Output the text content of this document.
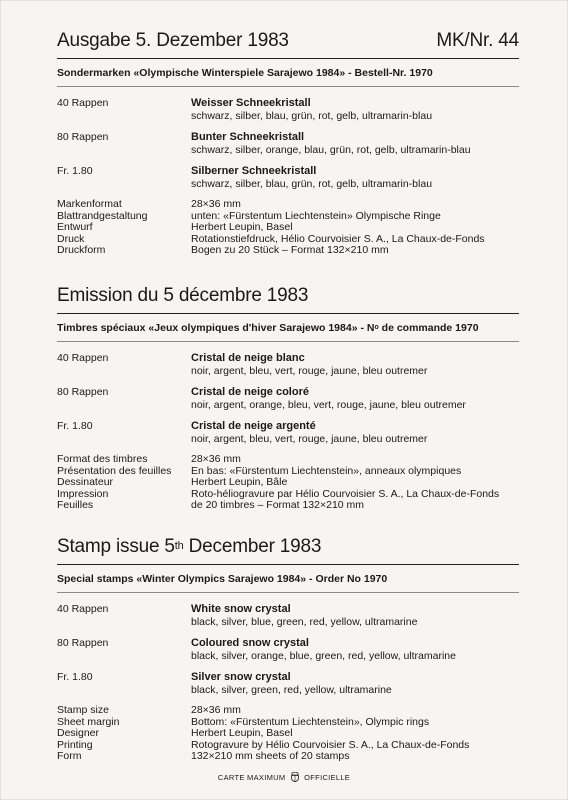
Ausgabe 5. Dezember 1983	MK/Nr. 44
Sondermarken «Olympische Winterspiele Sarajewo 1984» - Bestell-Nr. 1970
40 Rappen	Weisser Schneekristall
schwarz, silber, blau, grün, rot, gelb, ultramarin-blau
80 Rappen	Bunter Schneekristall
schwarz, silber, orange, blau, grün, rot, gelb, ultramarin-blau
Fr. 1.80	Silberner Schneekristall
schwarz, silber, blau, grün, rot, gelb, ultramarin-blau
Markenformat	28×36 mm
Blattrandgestaltung	unten: «Fürstentum Liechtenstein» Olympische Ringe
Entwurf	Herbert Leupin, Basel
Druck	Rotationstiefdruck, Hélio Courvoisier S. A., La Chaux-de-Fonds
Druckform	Bogen zu 20 Stück – Format 132×210 mm
Emission du 5 décembre 1983
Timbres spéciaux «Jeux olympiques d'hiver Sarajewo 1984» - $N^o$ de commande 1970
40 Rappen	Cristal de neige blanc
noir, argent, bleu, vert, rouge, jaune, bleu outremer
80 Rappen	Cristal de neige coloré
noir, argent, orange, bleu, vert, rouge, jaune, bleu outremer
Fr. 1.80	Cristal de neige argenté
noir, argent, bleu, vert, rouge, jaune, bleu outremer
Format des timbres	28×36 mm
Présentation des feuilles	En bas: «Fürstentum Liechtenstein», anneaux olympiques
Dessinateur	Herbert Leupin, Bâle
Impression	Roto-héliogravure par Hélio Courvoisier S. A., La Chaux-de-Fonds
Feuilles	de 20 timbres – Format 132×210 mm
Stamp issue 5th December 1983
Special stamps «Winter Olympics Sarajewo 1984» - Order No 1970
40 Rappen	White snow crystal
black, silver, blue, green, red, yellow, ultramarine
80 Rappen	Coloured snow crystal
black, silver, orange, blue, green, red, yellow, ultramarine
Fr. 1.80	Silver snow crystal
black, silver, green, red, yellow, ultramarine
Stamp size	28×36 mm
Sheet margin	Bottom: «Fürstentum Liechtenstein», Olympic rings
Designer	Herbert Leupin, Basel
Printing	Rotogravure by Hélio Courvoisier S. A., La Chaux-de-Fonds
Form	132×210 mm sheets of 20 stamps
CARTE MAXIMUM	OFFICIELLE
